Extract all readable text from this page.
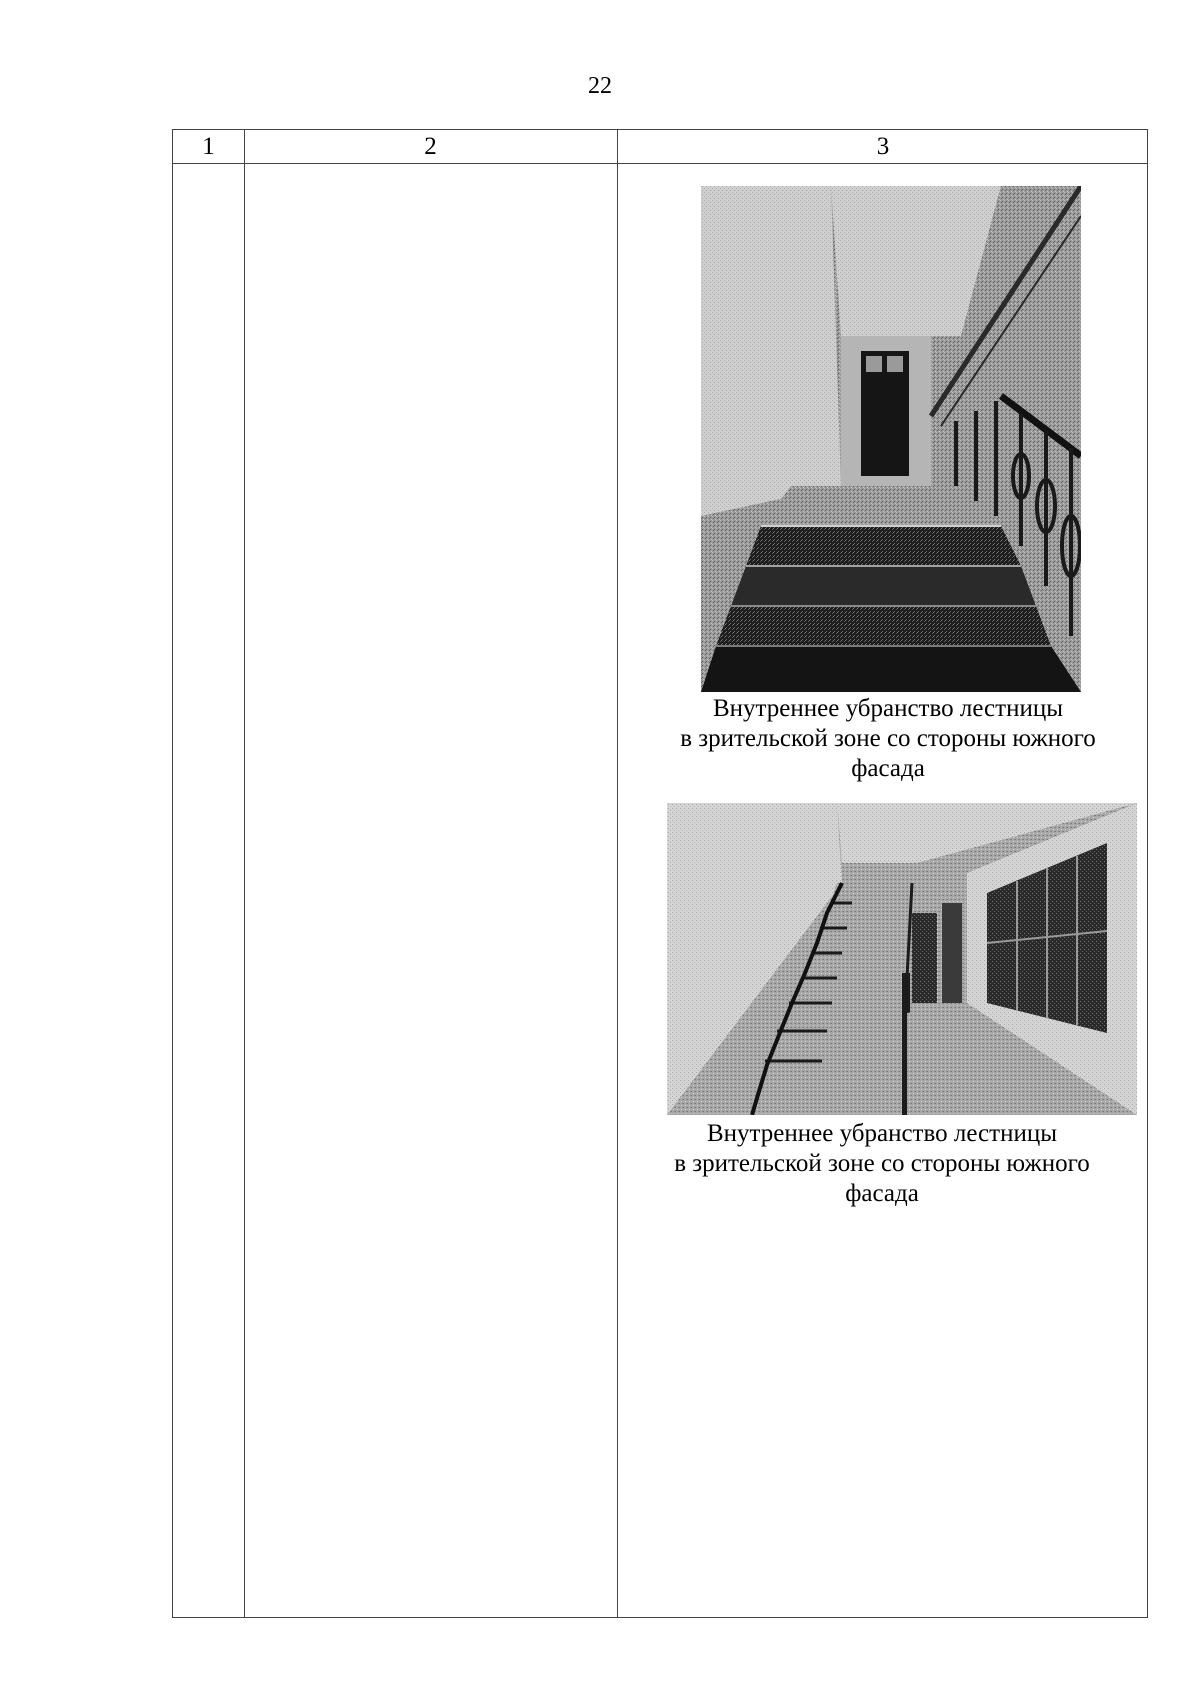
22
1	2	3
Внутреннее убранство лестницы
в зрительской зоне со стороны южного
фасада
Внутреннее убранство лестницы
в зрительской зоне со стороны южного
фасада
